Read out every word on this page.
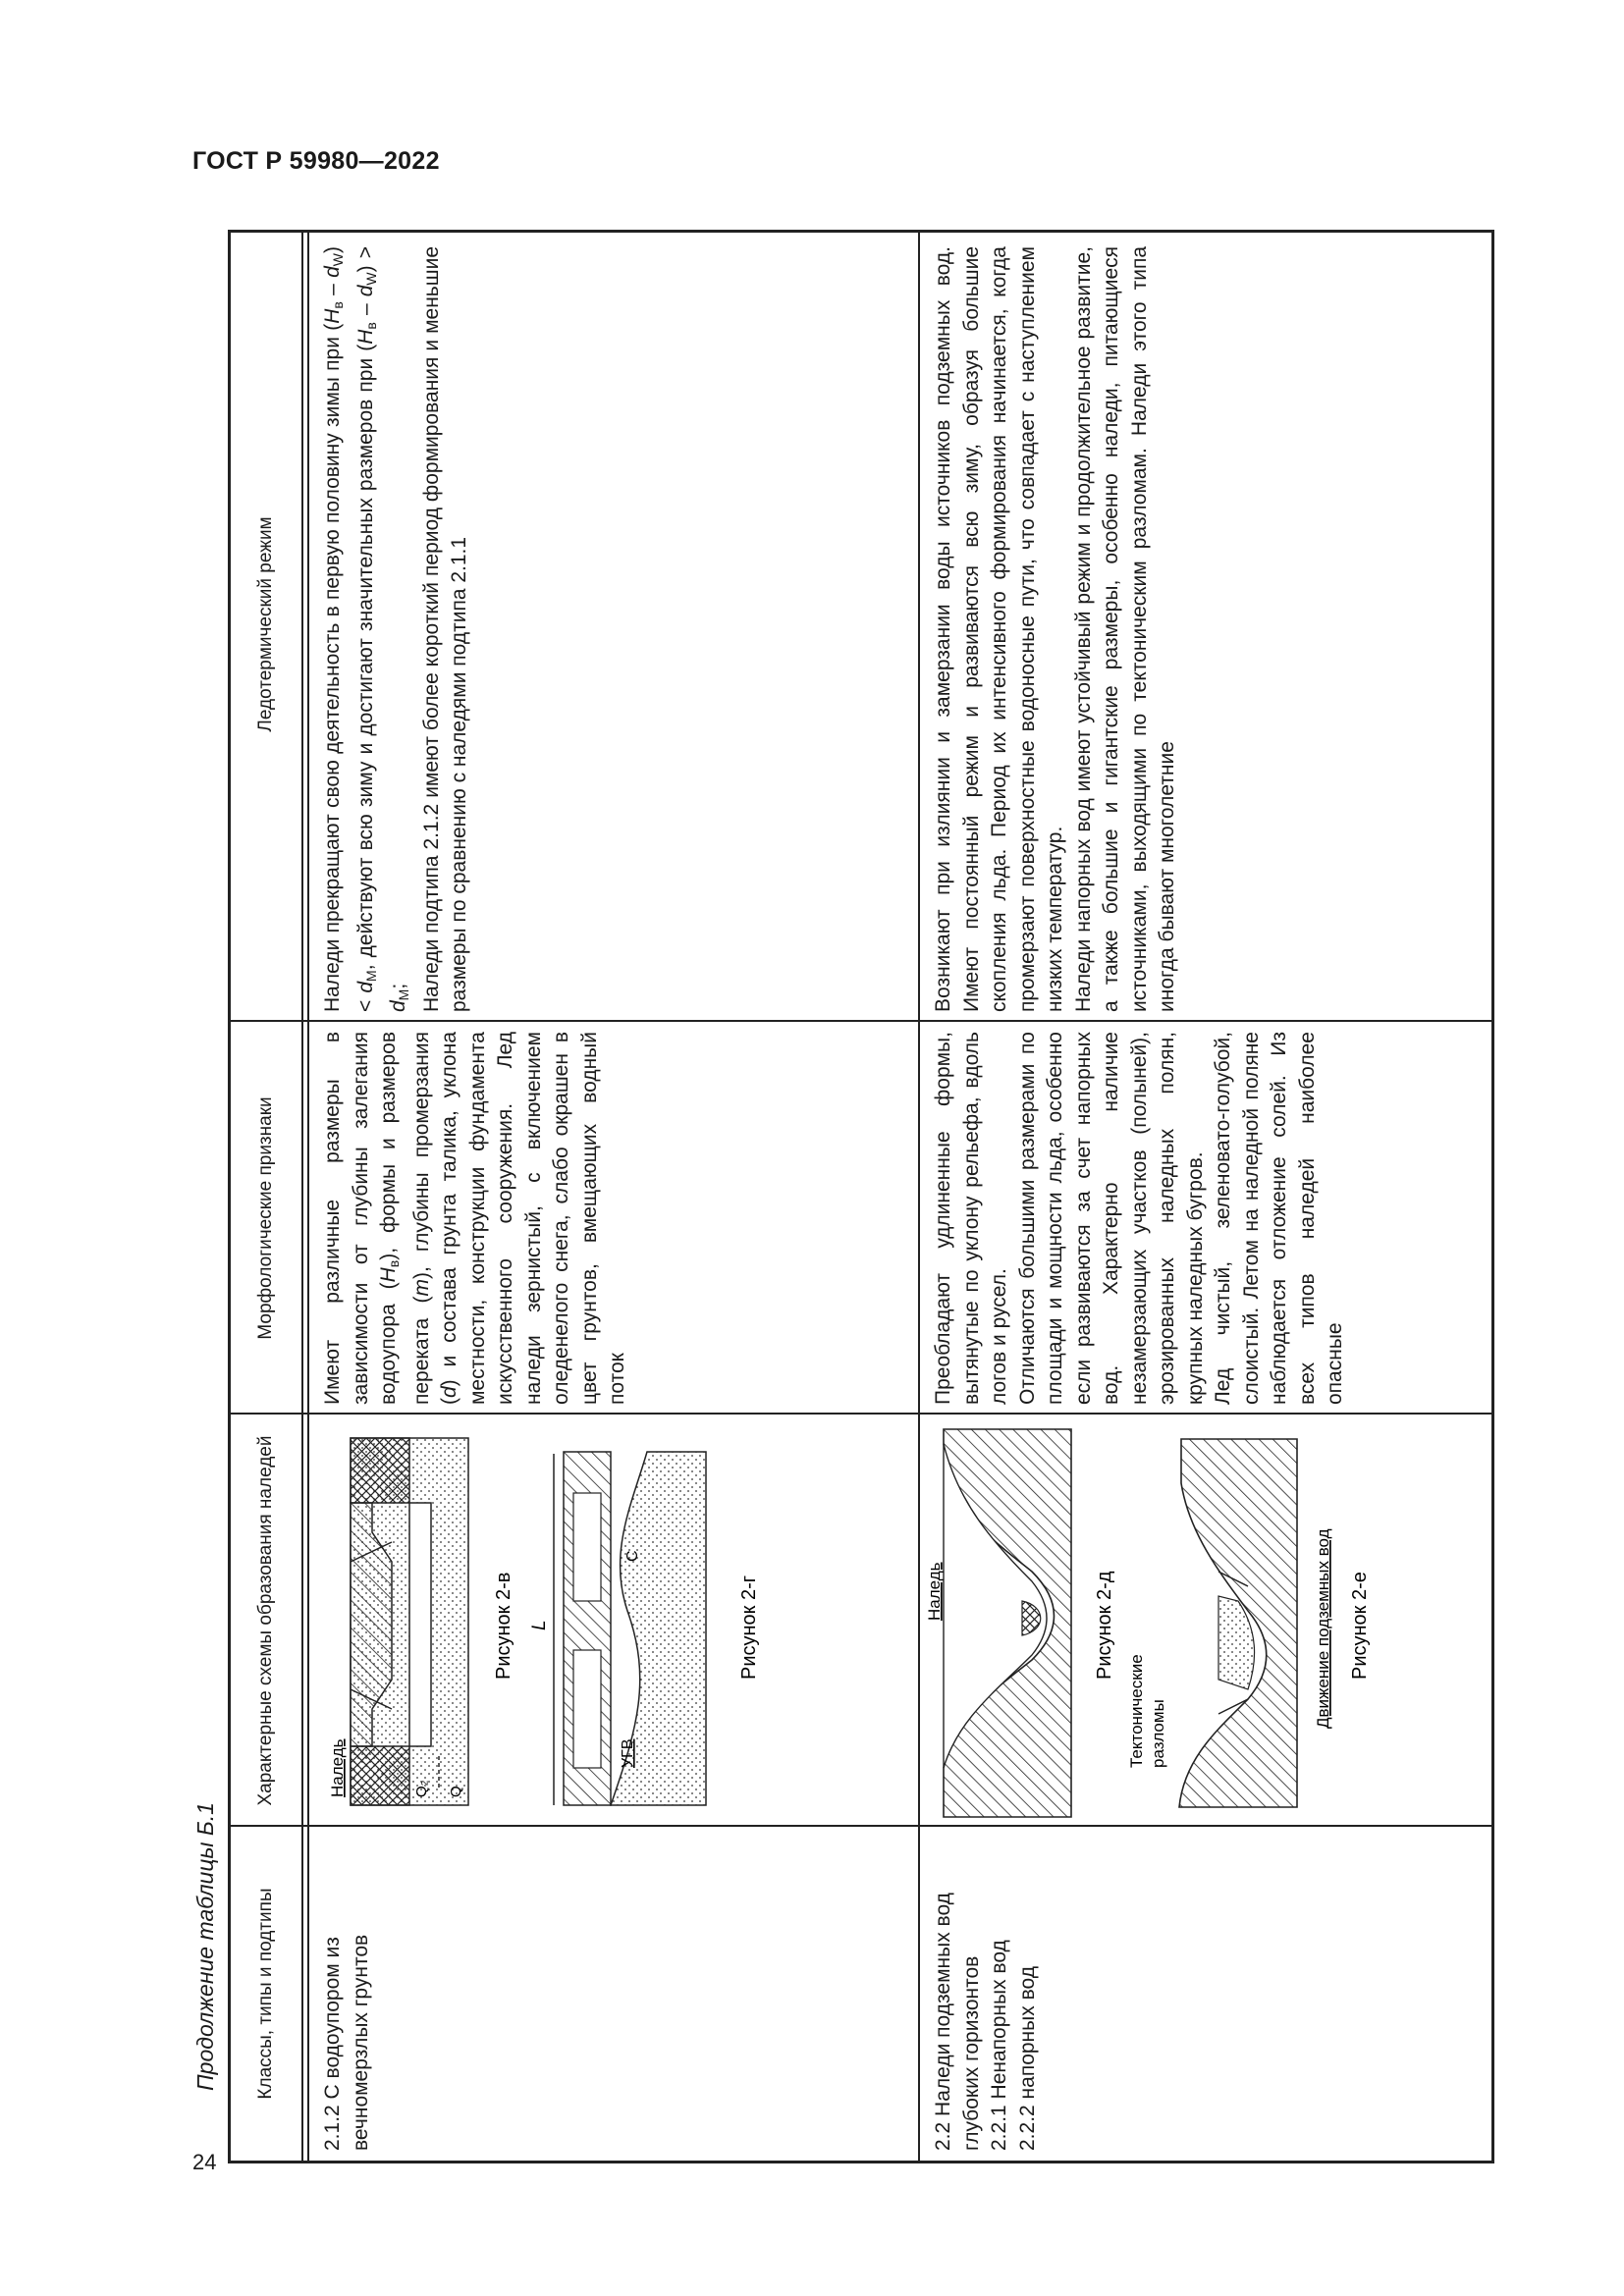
ГОСТ Р 59980—2022
Продолжение таблицы Б.1
24
Классы, типы и подтипы
Характерные схемы образования наледей
Морфологические признаки
Ледотермический режим
2.1.2 С водоупором из вечномерзлых грунтов
Имеют различные размеры в зависимости от глубины залегания водоупора $(H_в)$, формы и размеров переката (m), глубины промерзания (d) и состава грунта талика, уклона местности, конструкции фундамента искусственного сооружения. Лед наледи зернистый, с включением оледенелого снега, слабо окрашен в цвет грунтов, вмещающих водный поток

Наледи прекращают свою деятельность в первую половину зимы при $(H_в - d_W) < d_M$, действуют всю зиму и достигают значительных размеров при $(H_в - d_W) > d_M$; Наледи подтипа 2.1.2 имеют более короткий период формирования и меньшие размеры по сравнению с наледями подтипа 2.1.1

Q₂ Q
Наледь
Рисунок 2-в L
УГВ
С
Рисунок 2-г

2.2 Наледи подземных вод глубоких горизонтов 2.2.1 Ненапорных вод 2.2.2 напорных вод

Преобладают удлиненные формы, вытянутые по уклону рельефа, вдоль логов и русел. Отличаются большими размерами по площади и мощности льда, особенно если развиваются за счет напорных вод. Характерно наличие незамерзающих участков (полыней), эрозированных наледных полян, крупных наледных бугров. Лед чистый, зеленовато-голубой, слоистый. Летом на наледной поляне наблюдается отложение солей. Из всех типов наледей наиболее опасные

Возникают при излиянии и замерзании воды источников подземных вод. Имеют постоянный режим и развиваются всю зиму, образуя большие скопления льда. Период их интенсивного формирования начинается, когда промерзают поверхностные водоносные пути, что совпадает с наступлением низких температур. Наледи напорных вод имеют устойчивый режим и продолжительное развитие, а также большие и гигантские размеры, особенно наледи, питающиеся источниками, выходящими по тектоническим разломам. Наледи этого типа иногда бывают многолетние

Наледь	Рисунок 2-д
Тектонические разломы
Движение подземных вод Рисунок 2-е
